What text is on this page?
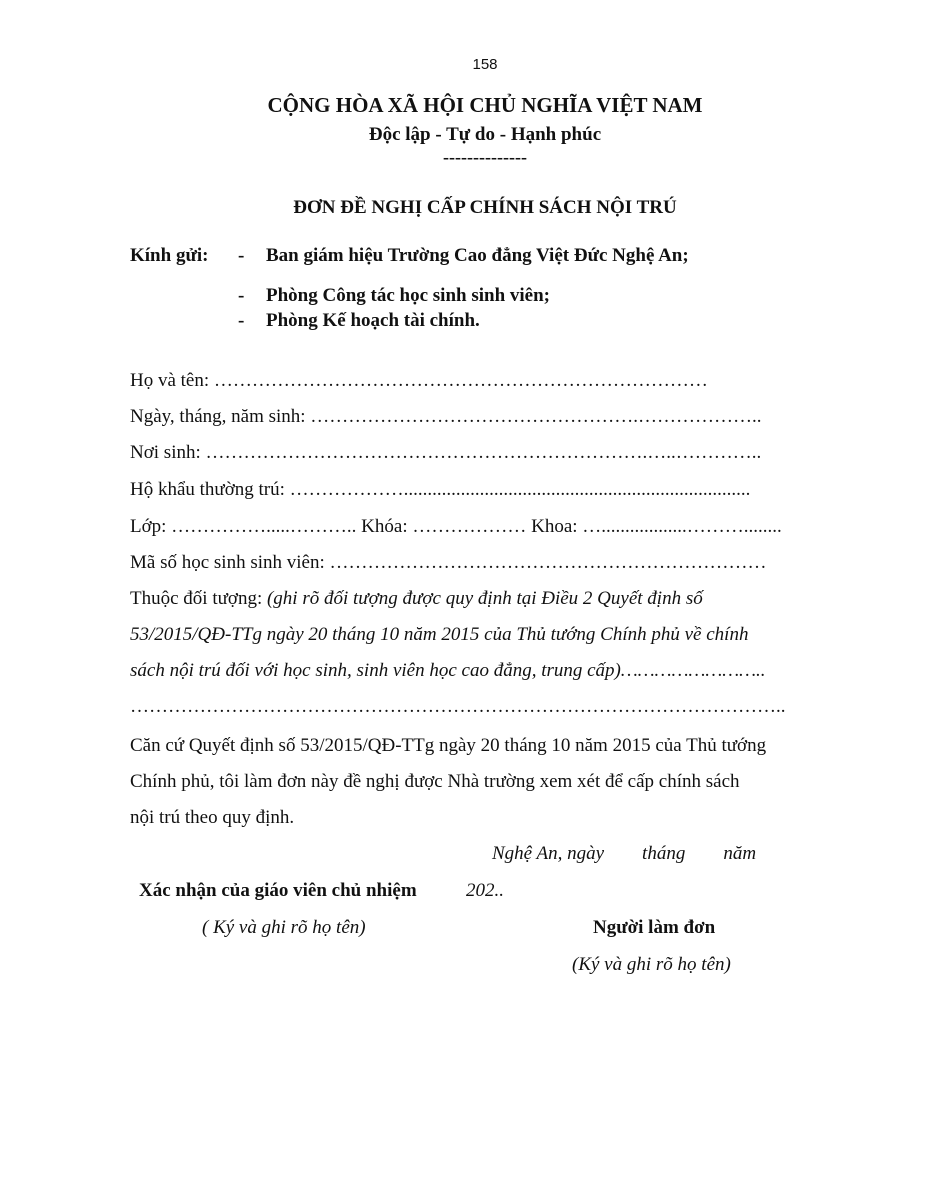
158
CỘNG HÒA XÃ HỘI CHỦ NGHĨA VIỆT NAM
Độc lập - Tự do - Hạnh phúc
--------------
ĐƠN ĐỀ NGHỊ CẤP CHÍNH SÁCH NỘI TRÚ
Kính gửi: - Ban giám hiệu Trường Cao đẳng Việt Đức Nghệ An;
- Phòng Công tác học sinh sinh viên;
- Phòng Kế hoạch tài chính.
Họ và tên: ……………………………………………………………………
Ngày, tháng, năm sinh: …………………………………………….………………..
Nơi sinh: …………………………………………………………….…..…………..
Hộ khẩu thường trú: ……………….........................................................................
Lớp: …………….....……….. Khóa: ……………… Khoa: …..................………........
Mã số học sinh sinh viên: ……………………………………………………………
Thuộc đối tượng: (ghi rõ đối tượng được quy định tại Điều 2 Quyết định số
53/2015/QĐ-TTg ngày 20 tháng 10 năm 2015 của Thủ tướng Chính phủ về chính
sách nội trú đối với học sinh, sinh viên học cao đẳng, trung cấp)……………………..
…………………………………………………………………………………………..
Căn cứ Quyết định số 53/2015/QĐ-TTg ngày 20 tháng 10 năm 2015 của Thủ tướng
Chính phủ, tôi làm đơn này đề nghị được Nhà trường xem xét để cấp chính sách
nội trú theo quy định.
Nghệ An, ngày        tháng        năm
Xác nhận của giáo viên chủ nhiệm	202..
( Ký và ghi rõ họ tên)	Người làm đơn
(Ký và ghi rõ họ tên)
